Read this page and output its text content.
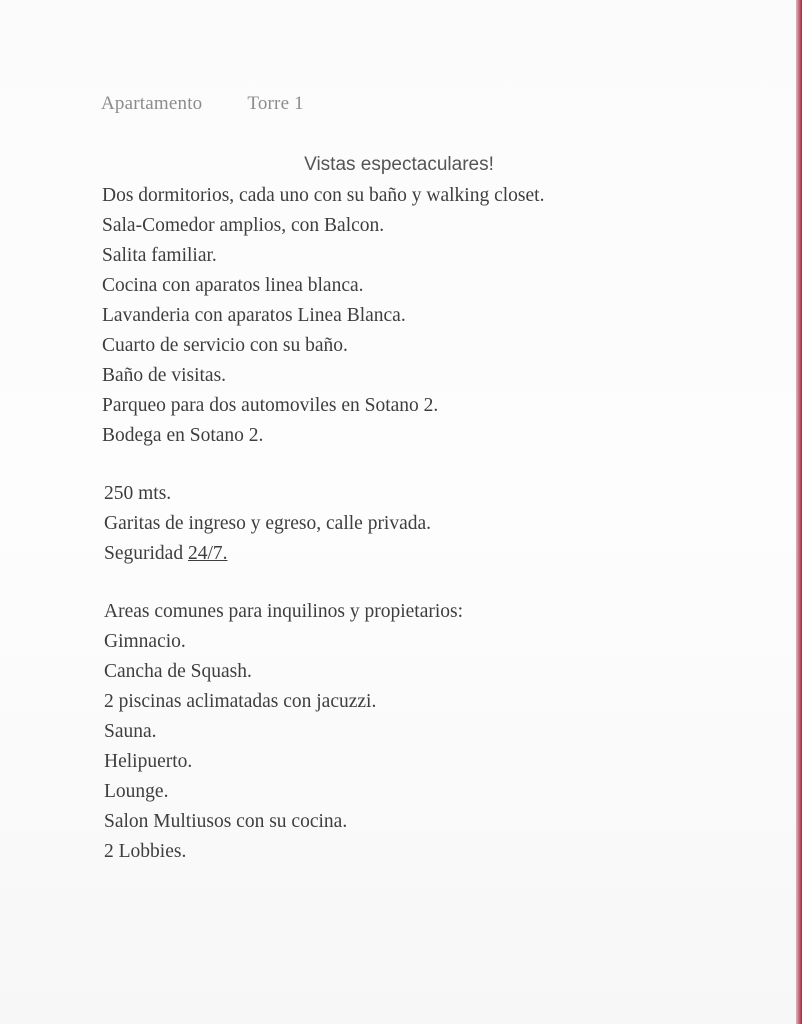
Apartamento Torre 1
Vistas espectaculares!
Dos dormitorios, cada uno con su baño y walking closet.
Sala-Comedor amplios, con Balcon.
Salita familiar.
Cocina con aparatos linea blanca.
Lavanderia con aparatos Linea Blanca.
Cuarto de servicio con su baño.
Baño de visitas.
Parqueo para dos automoviles en Sotano 2.
Bodega en Sotano 2.
250 mts.
Garitas de ingreso y egreso, calle privada.
Seguridad 24/7.
Areas comunes para inquilinos y propietarios:
Gimnacio.
Cancha de Squash.
2 piscinas aclimatadas con jacuzzi.
Sauna.
Helipuerto.
Lounge.
Salon Multiusos con su cocina.
2 Lobbies.
